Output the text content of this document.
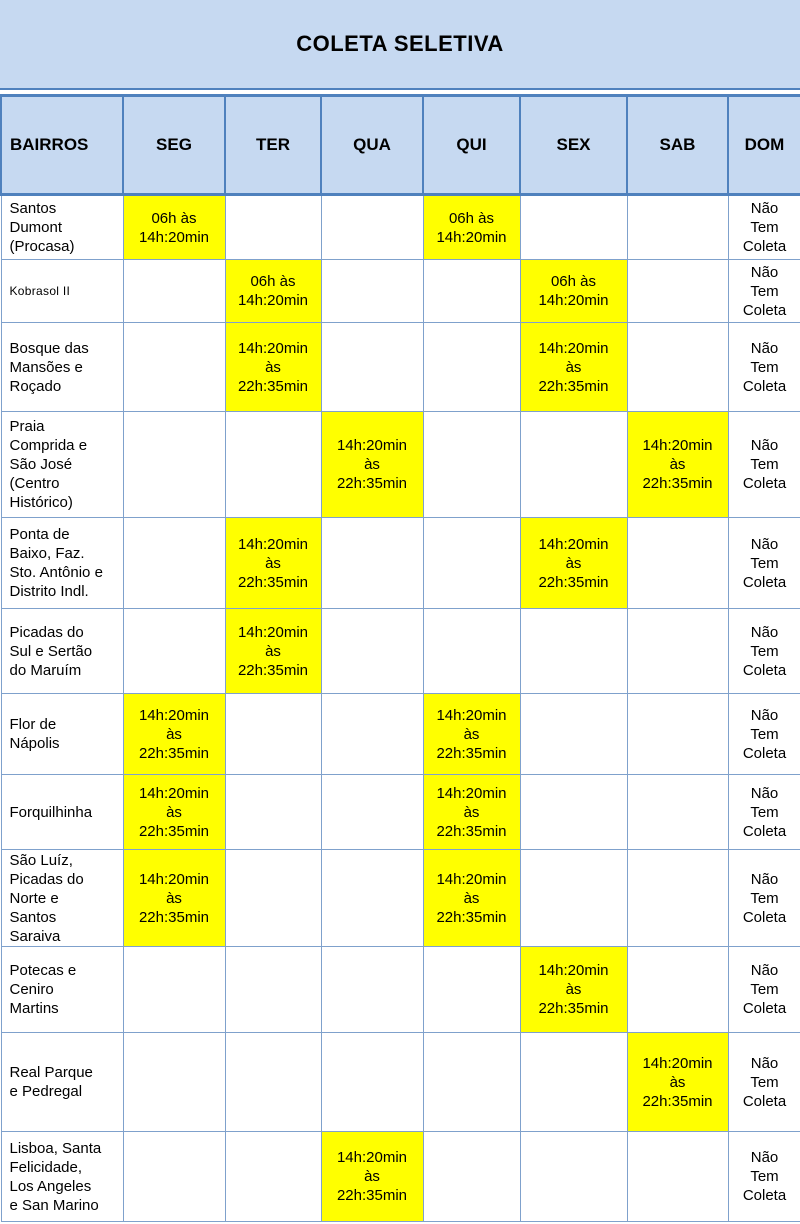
COLETA SELETIVA
BAIRROS	SEG	TER	QUA	QUI	SEX	SAB	DOM

Santos
Dumont
(Procasa)	06h às
14h:20min			06h às
14h:20min			Não
Tem
Coleta

Kobrasol II		06h às
14h:20min			06h às
14h:20min		Não
Tem
Coleta

Bosque das
Mansões e
Roçado		14h:20min
às
22h:35min			14h:20min
às
22h:35min		Não
Tem
Coleta

Praia
Comprida e
São José
(Centro
Histórico)			14h:20min
às
22h:35min			14h:20min
às
22h:35min	Não
Tem
Coleta

Ponta de
Baixo, Faz.
Sto. Antônio e
Distrito Indl.		14h:20min
às
22h:35min			14h:20min
às
22h:35min		Não
Tem
Coleta

Picadas do
Sul e Sertão
do Maruím		14h:20min
às
22h:35min					Não
Tem
Coleta

Flor de
Nápolis	14h:20min
às
22h:35min			14h:20min
às
22h:35min			Não
Tem
Coleta

Forquilhinha	14h:20min
às
22h:35min			14h:20min
às
22h:35min			Não
Tem
Coleta

São Luíz,
Picadas do
Norte e
Santos
Saraiva	14h:20min
às
22h:35min			14h:20min
às
22h:35min			Não
Tem
Coleta

Potecas e
Ceniro
Martins					14h:20min
às
22h:35min		Não
Tem
Coleta

Real Parque
e Pedregal						14h:20min
às
22h:35min	Não
Tem
Coleta

Lisboa, Santa
Felicidade,
Los Angeles
e San Marino			14h:20min
às
22h:35min				Não
Tem
Coleta
